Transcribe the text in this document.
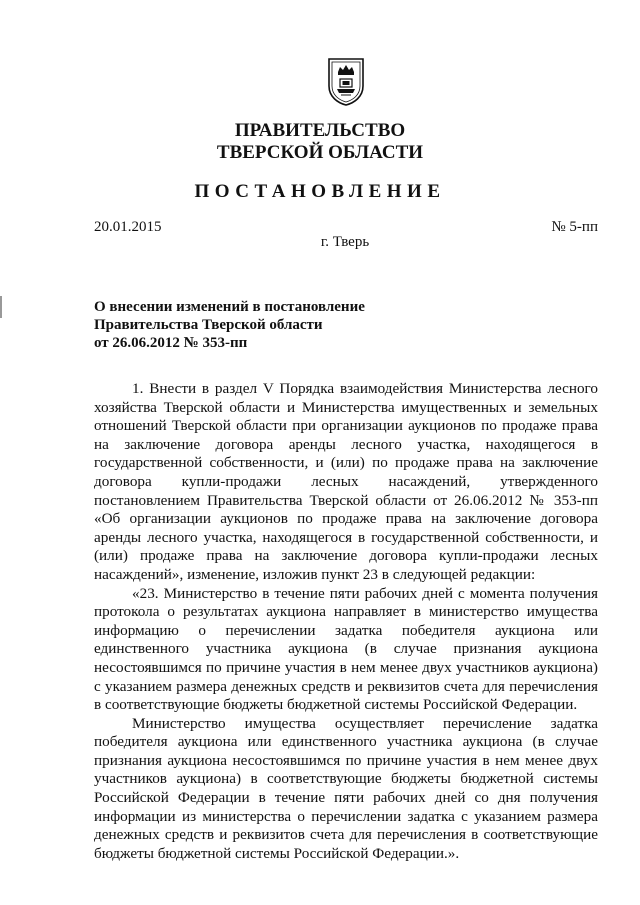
ПРАВИТЕЛЬСТВО
ТВЕРСКОЙ ОБЛАСТИ
ПОСТАНОВЛЕНИЕ
20.01.2015	№ 5-пп
г. Тверь
О внесении изменений в постановление
Правительства Тверской области
от 26.06.2012 № 353-пп

1. Внести в раздел V Порядка взаимодействия Министерства лесного хозяйства Тверской области и Министерства имущественных и земельных отношений Тверской области при организации аукционов по продаже права на заключение договора аренды лесного участка, находящегося в государственной собственности, и (или) по продаже права на заключение договора купли-продажи лесных насаждений, утвержденного постановлением Правительства Тверской области от 26.06.2012 № 353-пп «Об организации аукционов по продаже права на заключение договора аренды лесного участка, находящегося в государственной собственности, и (или) продаже права на заключение договора купли-продажи лесных насаждений», изменение, изложив пункт 23 в следующей редакции:

«23. Министерство в течение пяти рабочих дней с момента получения протокола о результатах аукциона направляет в министерство имущества информацию о перечислении задатка победителя аукциона или единственного участника аукциона (в случае признания аукциона несостоявшимся по причине участия в нем менее двух участников аукциона) с указанием размера денежных средств и реквизитов счета для перечисления в соответствующие бюджеты бюджетной системы Российской Федерации.

Министерство имущества осуществляет перечисление задатка победителя аукциона или единственного участника аукциона (в случае признания аукциона несостоявшимся по причине участия в нем менее двух участников аукциона) в соответствующие бюджеты бюджетной системы Российской Федерации в течение пяти рабочих дней со дня получения информации из министерства о перечислении задатка с указанием размера денежных средств и реквизитов счета для перечисления в соответствующие бюджеты бюджетной системы Российской Федерации.».
